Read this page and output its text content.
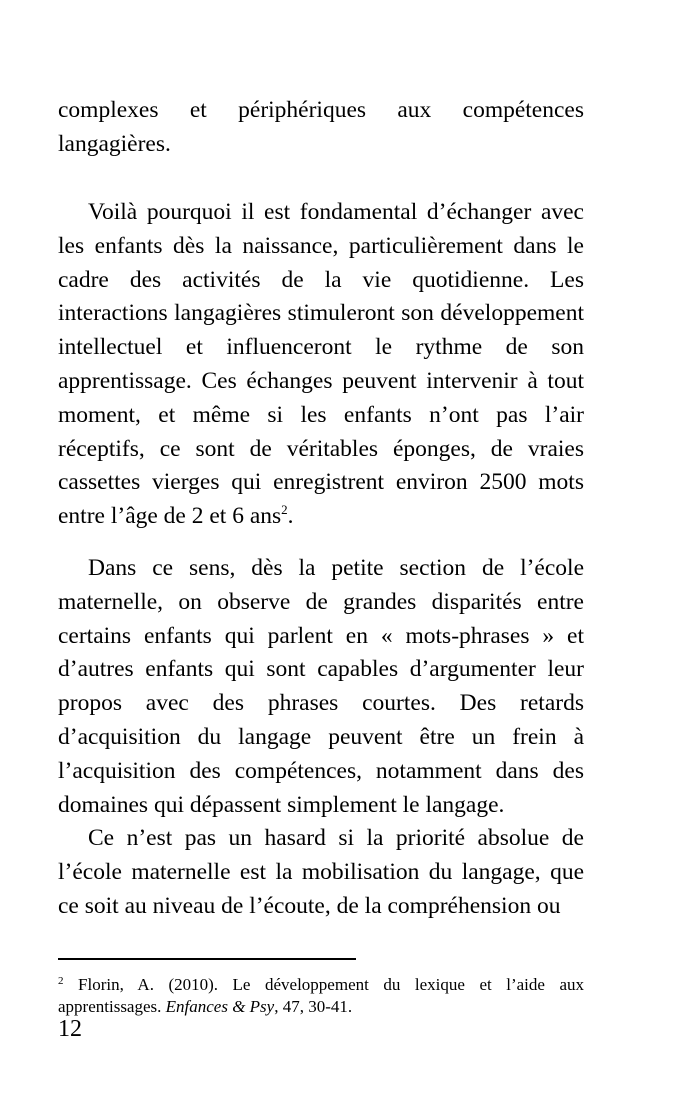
complexes et périphériques aux compétences langagières.

Voilà pourquoi il est fondamental d’échanger avec les enfants dès la naissance, particulièrement dans le cadre des activités de la vie quotidienne. Les interactions langagières stimuleront son développement intellectuel et influenceront le rythme de son apprentissage. Ces échanges peuvent intervenir à tout moment, et même si les enfants n’ont pas l’air réceptifs, ce sont de véritables éponges, de vraies cassettes vierges qui enregistrent environ 2500 mots entre l’âge de 2 et 6 ans$^2$.

Dans ce sens, dès la petite section de l’école maternelle, on observe de grandes disparités entre certains enfants qui parlent en « mots-phrases » et d’autres enfants qui sont capables d’argumenter leur propos avec des phrases courtes. Des retards d’acquisition du langage peuvent être un frein à l’acquisition des compétences, notamment dans des domaines qui dépassent simplement le langage.

Ce n’est pas un hasard si la priorité absolue de l’école maternelle est la mobilisation du langage, que ce soit au niveau de l’écoute, de la compréhension ou

$^2$ Florin, A. (2010). Le développement du lexique et l’aide aux apprentissages. Enfances & Psy, 47, 30-41.

12
